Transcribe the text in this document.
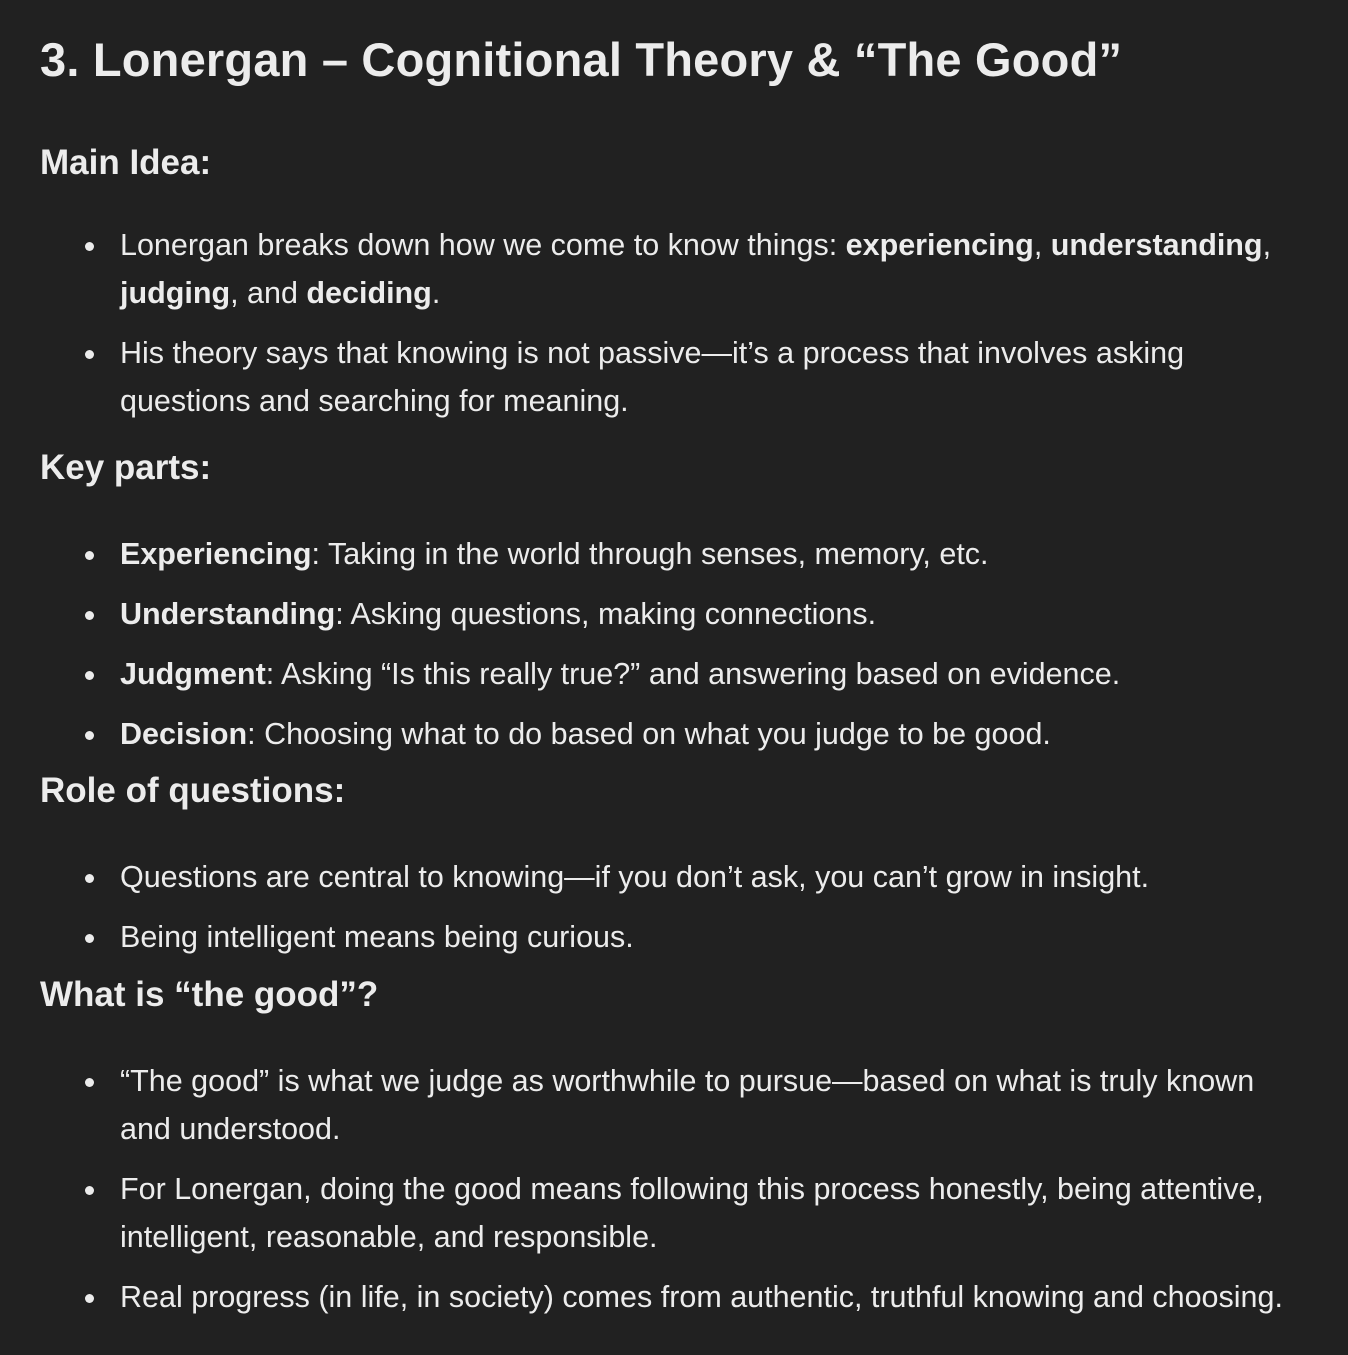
3. Lonergan – Cognitional Theory & “The Good”
Main Idea:
Lonergan breaks down how we come to know things: experiencing, understanding, judging, and deciding.
His theory says that knowing is not passive—it’s a process that involves asking questions and searching for meaning.
Key parts:
Experiencing: Taking in the world through senses, memory, etc.
Understanding: Asking questions, making connections.
Judgment: Asking “Is this really true?” and answering based on evidence.
Decision: Choosing what to do based on what you judge to be good.
Role of questions:
Questions are central to knowing—if you don’t ask, you can’t grow in insight.
Being intelligent means being curious.
What is “the good”?
“The good” is what we judge as worthwhile to pursue—based on what is truly known and understood.
For Lonergan, doing the good means following this process honestly, being attentive, intelligent, reasonable, and responsible.
Real progress (in life, in society) comes from authentic, truthful knowing and choosing.
